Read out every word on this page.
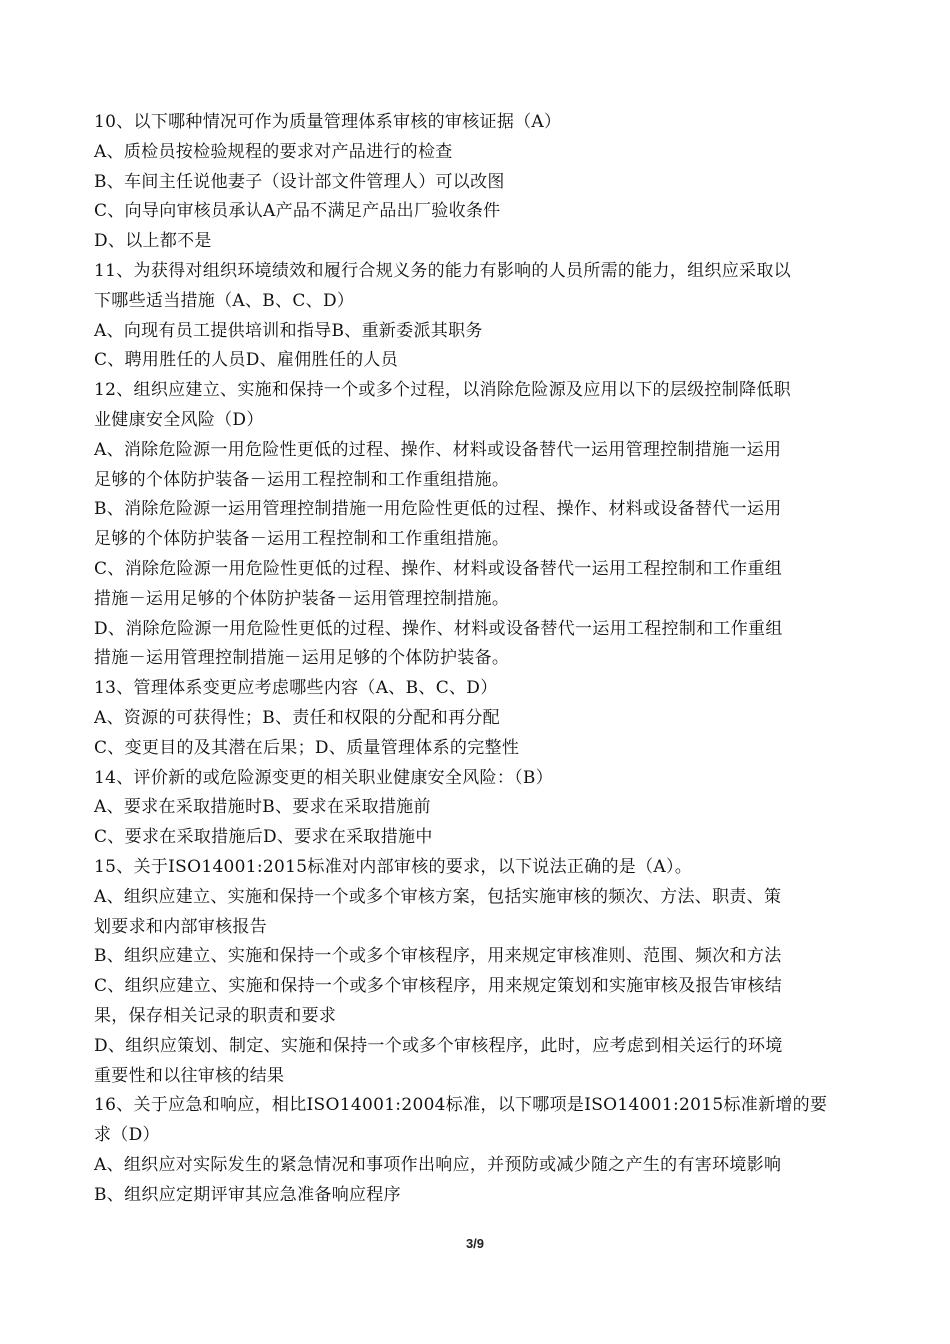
10、以下哪种情况可作为质量管理体系审核的审核证据（A）
A、质检员按检验规程的要求对产品进行的检查
B、车间主任说他妻子（设计部文件管理人）可以改图
C、向导向审核员承认A产品不满足产品出厂验收条件
D、以上都不是
11、为获得对组织环境绩效和履行合规义务的能力有影响的人员所需的能力，组织应采取以
下哪些适当措施（A、B、C、D）
A、向现有员工提供培训和指导B、重新委派其职务
C、聘用胜任的人员D、雇佣胜任的人员
12、组织应建立、实施和保持一个或多个过程，以消除危险源及应用以下的层级控制降低职
业健康安全风险（D）
A、消除危险源一用危险性更低的过程、操作、材料或设备替代一运用管理控制措施一运用
足够的个体防护装备－运用工程控制和工作重组措施。
B、消除危险源一运用管理控制措施一用危险性更低的过程、操作、材料或设备替代一运用
足够的个体防护装备－运用工程控制和工作重组措施。
C、消除危险源一用危险性更低的过程、操作、材料或设备替代一运用工程控制和工作重组
措施－运用足够的个体防护装备－运用管理控制措施。
D、消除危险源一用危险性更低的过程、操作、材料或设备替代一运用工程控制和工作重组
措施－运用管理控制措施－运用足够的个体防护装备。
13、管理体系变更应考虑哪些内容（A、B、C、D）
A、资源的可获得性；B、责任和权限的分配和再分配
C、变更目的及其潜在后果；D、质量管理体系的完整性
14、评价新的或危险源变更的相关职业健康安全风险：（B）
A、要求在采取措施时B、要求在采取措施前
C、要求在采取措施后D、要求在采取措施中
15、关于ISO14001:2015标准对内部审核的要求，以下说法正确的是（A）。
A、组织应建立、实施和保持一个或多个审核方案，包括实施审核的频次、方法、职责、策
划要求和内部审核报告
B、组织应建立、实施和保持一个或多个审核程序，用来规定审核准则、范围、频次和方法
C、组织应建立、实施和保持一个或多个审核程序，用来规定策划和实施审核及报告审核结
果，保存相关记录的职责和要求
D、组织应策划、制定、实施和保持一个或多个审核程序，此时，应考虑到相关运行的环境
重要性和以往审核的结果
16、关于应急和响应，相比ISO14001:2004标准，以下哪项是ISO14001:2015标准新增的要
求（D）
A、组织应对实际发生的紧急情况和事项作出响应，并预防或减少随之产生的有害环境影响
B、组织应定期评审其应急准备响应程序
3/9
